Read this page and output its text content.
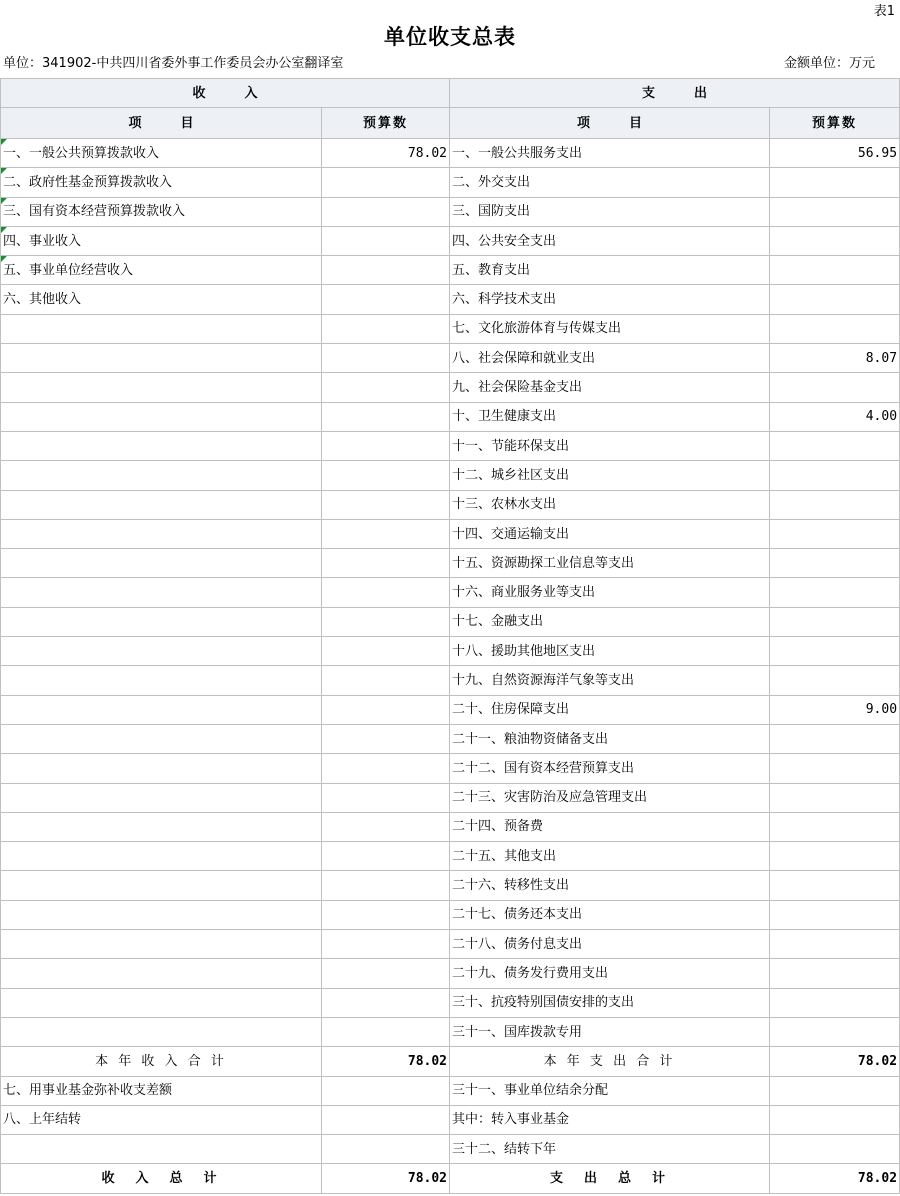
表1
单位收支总表
单位：341902-中共四川省委外事工作委员会办公室翻译室	金额单位：万元
收　　　入		支　　　出	
项　　　目	预算数	项　　　目	预算数

一、一般公共预算拨款收入	78.02	一、一般公共服务支出	56.95

二、政府性基金预算拨款收入		二、外交支出	

三、国有资本经营预算拨款收入		三、国防支出	

四、事业收入		四、公共安全支出	

五、事业单位经营收入		五、教育支出	
六、其他收入		六、科学技术支出	
		七、文化旅游体育与传媒支出	
		八、社会保障和就业支出	8.07
		九、社会保险基金支出	
		十、卫生健康支出	4.00
		十一、节能环保支出	
		十二、城乡社区支出	
		十三、农林水支出	
		十四、交通运输支出	
		十五、资源勘探工业信息等支出	
		十六、商业服务业等支出	
		十七、金融支出	
		十八、援助其他地区支出	
		十九、自然资源海洋气象等支出	
		二十、住房保障支出	9.00
		二十一、粮油物资储备支出	
		二十二、国有资本经营预算支出	
		二十三、灾害防治及应急管理支出	
		二十四、预备费	
		二十五、其他支出	
		二十六、转移性支出	
		二十七、债务还本支出	
		二十八、债务付息支出	
		二十九、债务发行费用支出	
		三十、抗疫特别国债安排的支出	
		三十一、国库拨款专用	
本 年 收 入 合 计	78.02	本 年 支 出 合 计	78.02
七、用事业基金弥补收支差额		三十一、事业单位结余分配	
八、上年结转		其中：转入事业基金	
		三十二、结转下年	
收　入　总　计	78.02	支　出　总　计	78.02
